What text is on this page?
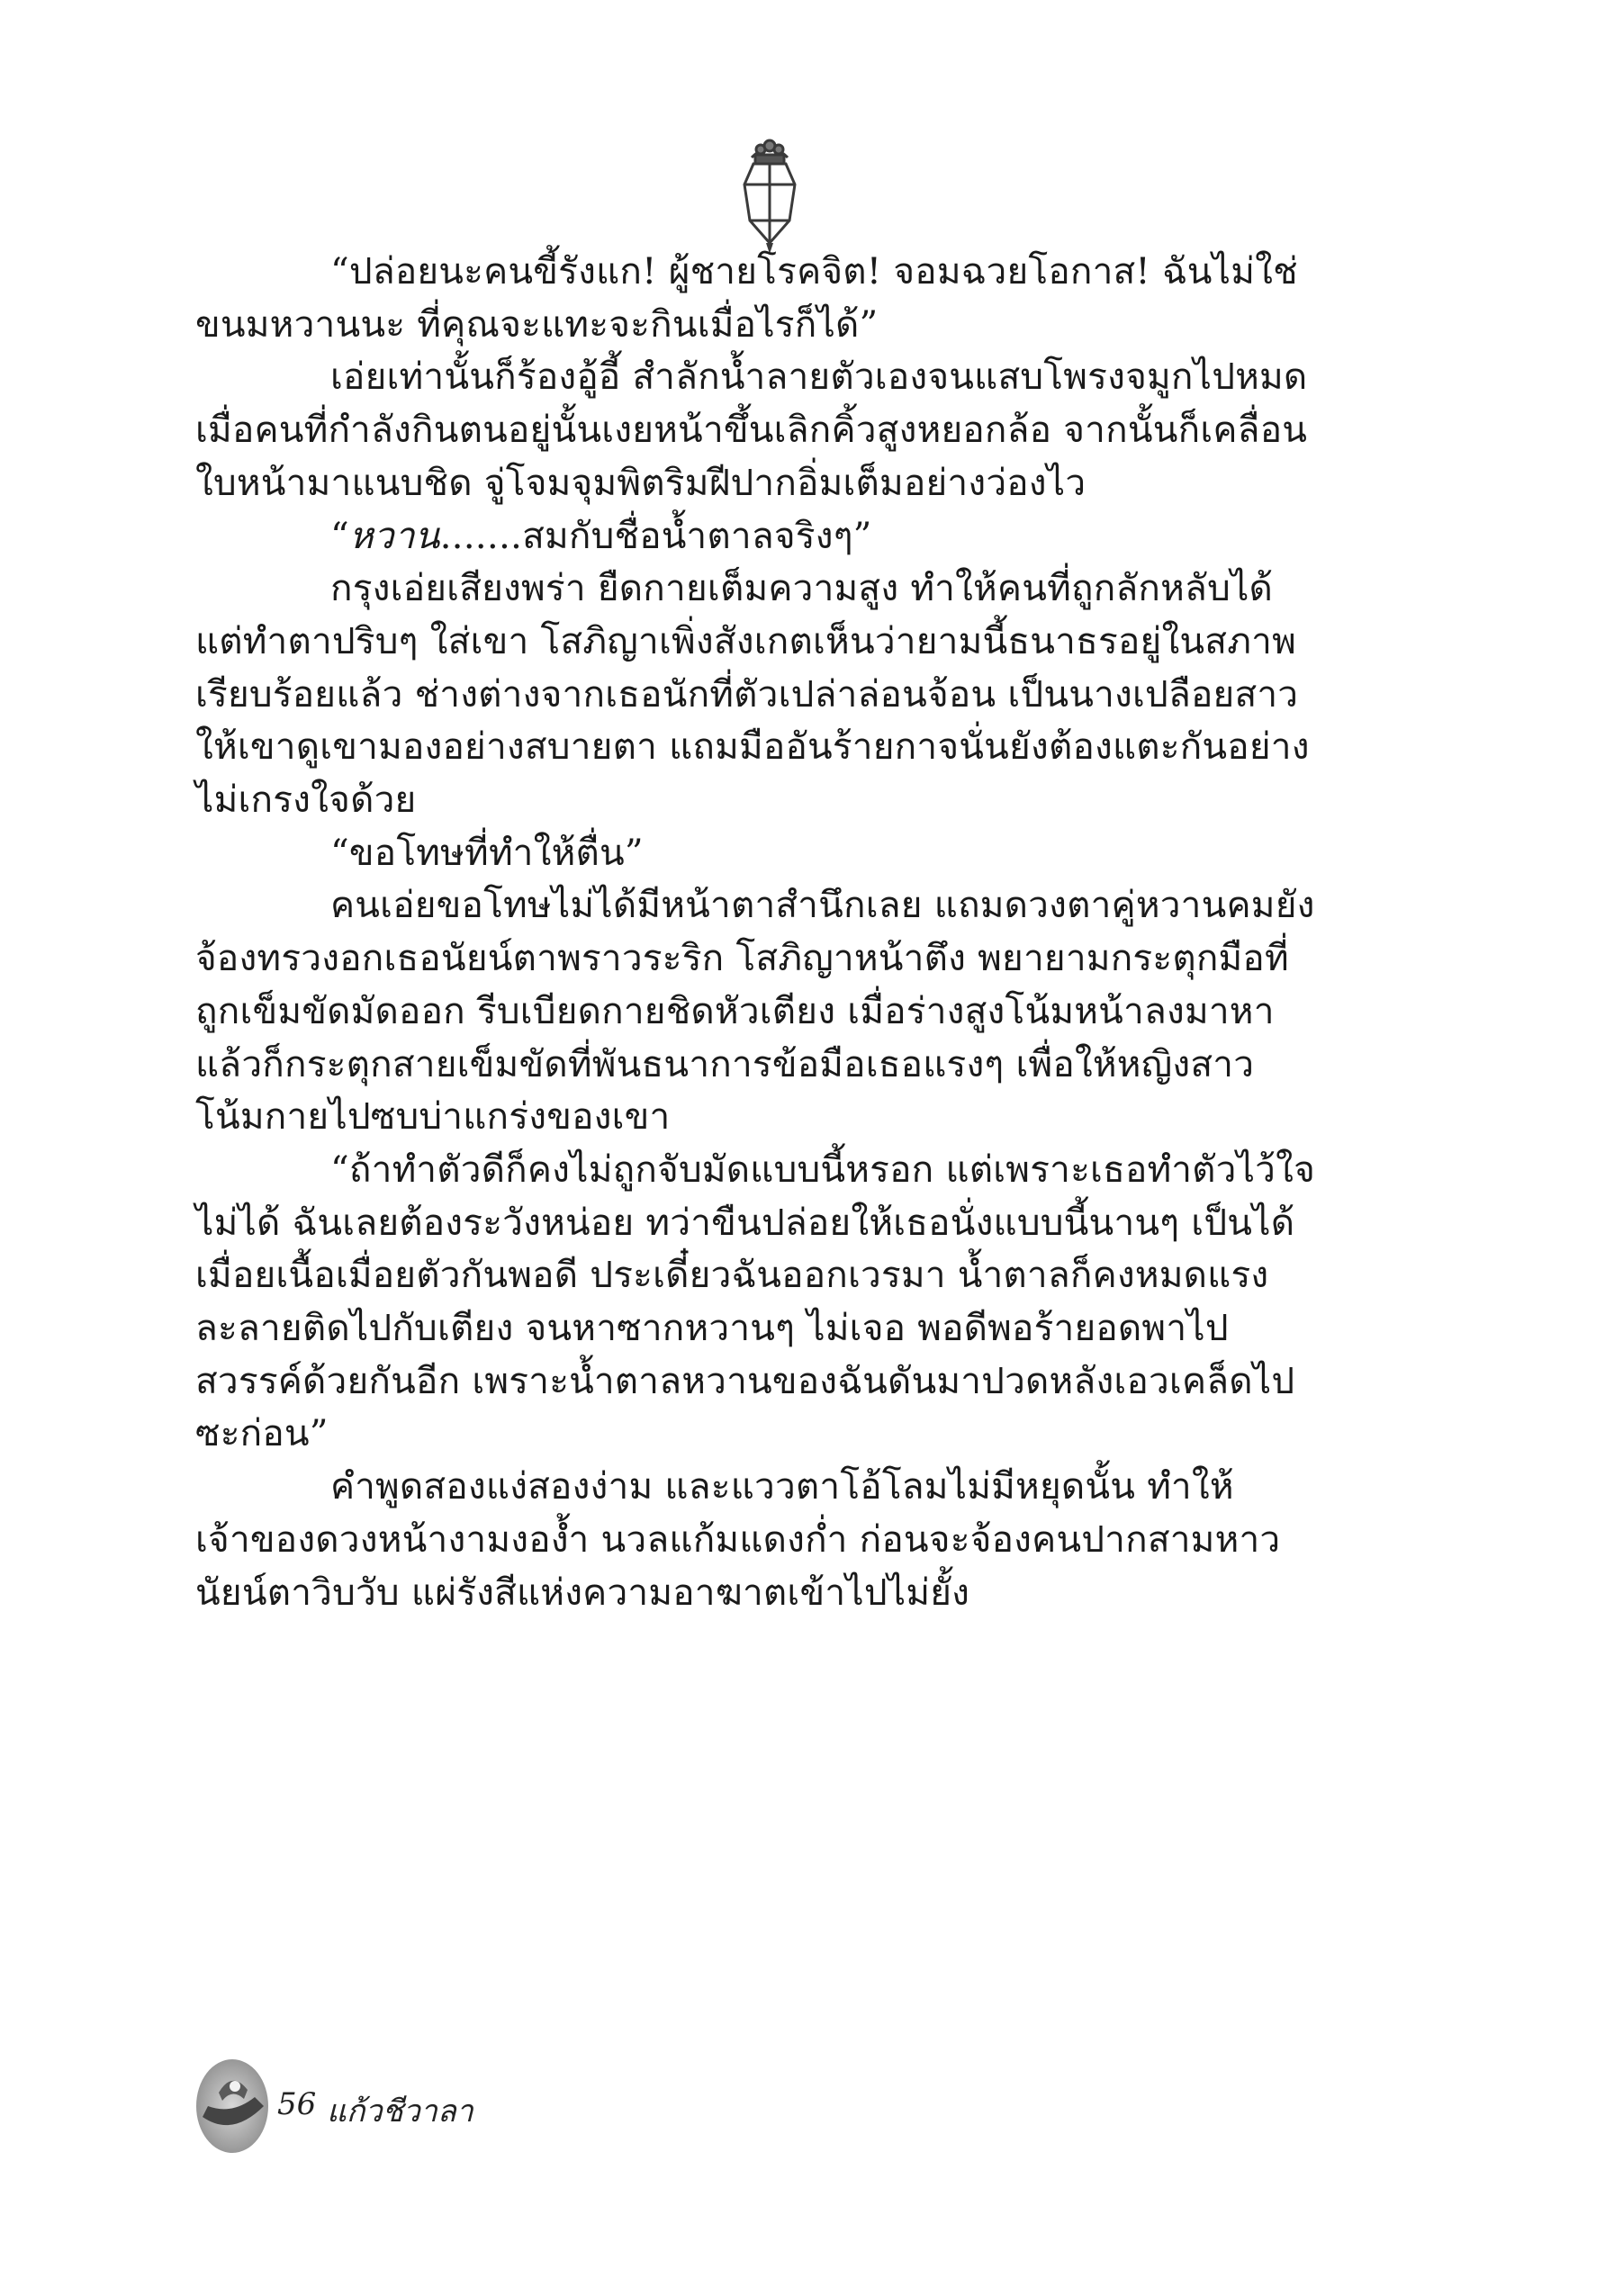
“ปล่อยนะคนขี้รังแก! ผู้ชายโรคจิต! จอมฉวยโอกาส! ฉันไม่ใช่ขนมหวานนะ ที่คุณจะแทะจะกินเมื่อไรก็ได้”

เอ่ยเท่านั้นก็ร้องอู้อี้ สำลักน้ำลายตัวเองจนแสบโพรงจมูกไปหมด เมื่อคนที่กำลังกินตนอยู่นั้นเงยหน้าขึ้นเลิกคิ้วสูงหยอกล้อ จากนั้นก็เคลื่อนใบหน้ามาแนบชิด จู่โจมจุมพิตริมฝีปากอิ่มเต็มอย่างว่องไว

“หวาน.......สมกับชื่อน้ำตาลจริงๆ”

กรุงเอ่ยเสียงพร่า ยืดกายเต็มความสูง ทำให้คนที่ถูกลักหลับได้แต่ทำตาปริบๆ ใส่เขา โสภิญาเพิ่งสังเกตเห็นว่ายามนี้ธนาธรอยู่ในสภาพเรียบร้อยแล้ว ช่างต่างจากเธอนักที่ตัวเปล่าล่อนจ้อน เป็นนางเปลือยสาวให้เขาดูเขามองอย่างสบายตา แถมมืออันร้ายกาจนั่นยังต้องแตะกันอย่างไม่เกรงใจด้วย

“ขอโทษที่ทำให้ตื่น”

คนเอ่ยขอโทษไม่ได้มีหน้าตาสำนึกเลย แถมดวงตาคู่หวานคมยังจ้องทรวงอกเธอนัยน์ตาพราวระริก โสภิญาหน้าตึง พยายามกระตุกมือที่ถูกเข็มขัดมัดออก รีบเบียดกายชิดหัวเตียง เมื่อร่างสูงโน้มหน้าลงมาหา แล้วก็กระตุกสายเข็มขัดที่พันธนาการข้อมือเธอแรงๆ เพื่อให้หญิงสาวโน้มกายไปซบบ่าแกร่งของเขา

“ถ้าทำตัวดีก็คงไม่ถูกจับมัดแบบนี้หรอก แต่เพราะเธอทำตัวไว้ใจไม่ได้ ฉันเลยต้องระวังหน่อย ทว่าขืนปล่อยให้เธอนั่งแบบนี้นานๆ เป็นได้เมื่อยเนื้อเมื่อยตัวกันพอดี ประเดี๋ยวฉันออกเวรมา น้ำตาลก็คงหมดแรงละลายติดไปกับเตียง จนหาซากหวานๆ ไม่เจอ พอดีพอร้ายอดพาไปสวรรค์ด้วยกันอีก เพราะน้ำตาลหวานของฉันดันมาปวดหลังเอวเคล็ดไปซะก่อน”

คำพูดสองแง่สองง่าม และแววตาโอ้โลมไม่มีหยุดนั้น ทำให้เจ้าของดวงหน้างามงอง้ำ นวลแก้มแดงก่ำ ก่อนจะจ้องคนปากสามหาวนัยน์ตาวิบวับ แผ่รังสีแห่งความอาฆาตเข้าไปไม่ยั้ง

56 แก้วชีวาลา
